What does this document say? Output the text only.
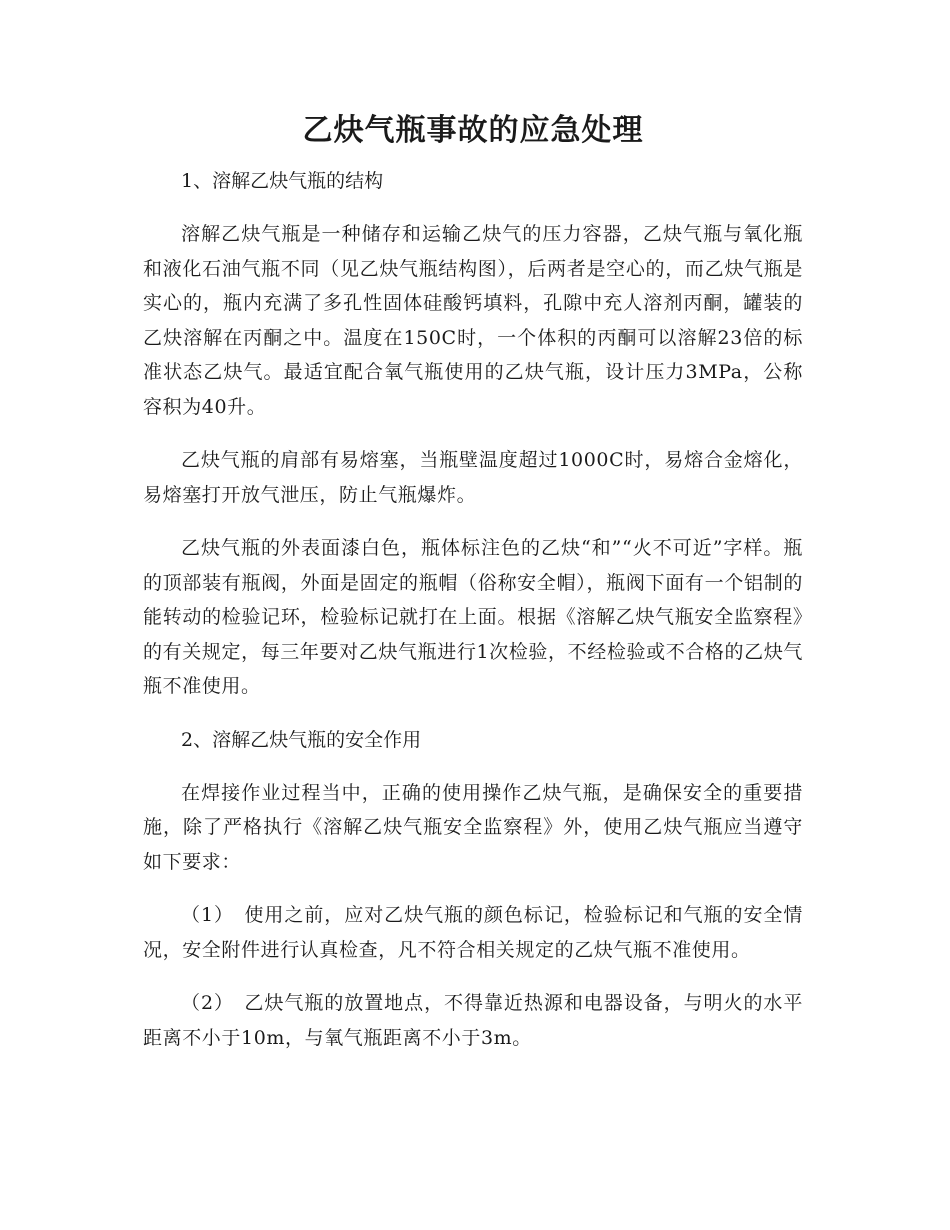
乙炔气瓶事故的应急处理

1、溶解乙炔气瓶的结构

溶解乙炔气瓶是一种储存和运输乙炔气的压力容器，乙炔气瓶与氧化瓶和液化石油气瓶不同（见乙炔气瓶结构图），后两者是空心的，而乙炔气瓶是实心的，瓶内充满了多孔性固体硅酸钙填料，孔隙中充人溶剂丙酮，罐装的乙炔溶解在丙酮之中。温度在150C时，一个体积的丙酮可以溶解23倍的标准状态乙炔气。最适宜配合氧气瓶使用的乙炔气瓶，设计压力3MPa，公称容积为40升。

乙炔气瓶的肩部有易熔塞，当瓶壁温度超过1000C时，易熔合金熔化，易熔塞打开放气泄压，防止气瓶爆炸。

乙炔气瓶的外表面漆白色，瓶体标注色的乙炔“和”“火不可近”字样。瓶的顶部装有瓶阀，外面是固定的瓶帽（俗称安全帽），瓶阀下面有一个铝制的能转动的检验记环，检验标记就打在上面。根据《溶解乙炔气瓶安全监察程》的有关规定，每三年要对乙炔气瓶进行1次检验，不经检验或不合格的乙炔气瓶不准使用。

2、溶解乙炔气瓶的安全作用

在焊接作业过程当中，正确的使用操作乙炔气瓶，是确保安全的重要措施，除了严格执行《溶解乙炔气瓶安全监察程》外，使用乙炔气瓶应当遵守如下要求：

（1）　使用之前，应对乙炔气瓶的颜色标记，检验标记和气瓶的安全情况，安全附件进行认真检查，凡不符合相关规定的乙炔气瓶不准使用。

（2）　乙炔气瓶的放置地点，不得靠近热源和电器设备，与明火的水平距离不小于10m，与氧气瓶距离不小于3m。
